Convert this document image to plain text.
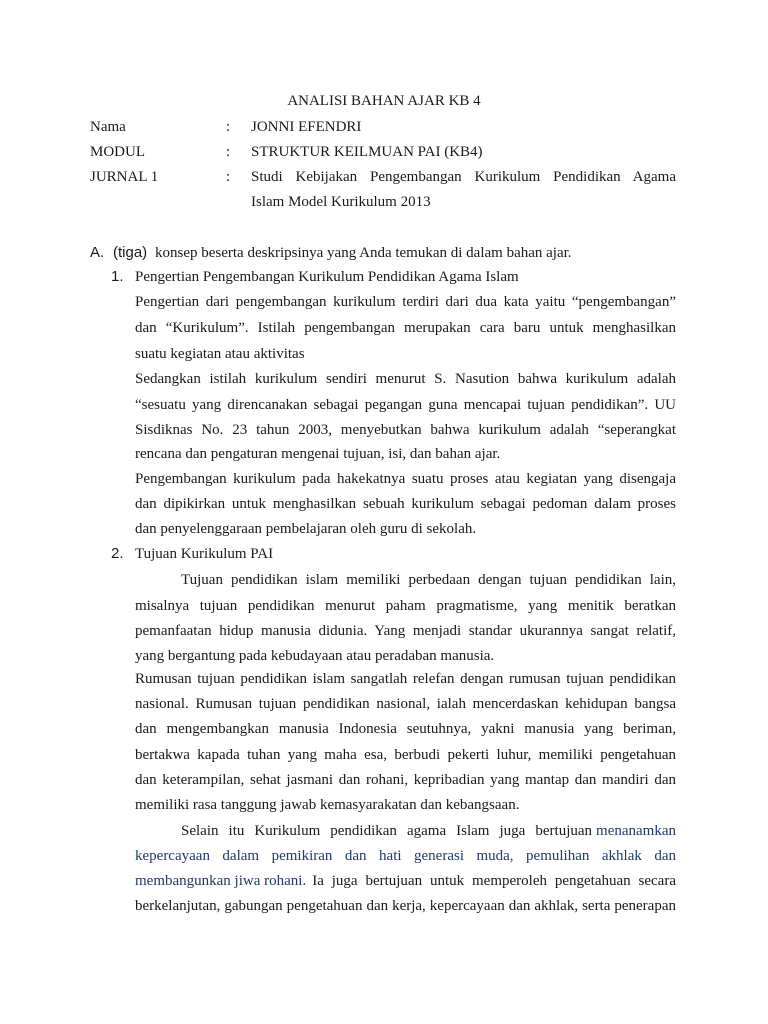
ANALISI BAHAN AJAR KB 4
Nama	: JONNI EFENDRI
MODUL	: STRUKTUR KEILMUAN PAI (KB4)
JURNAL 1	: Studi Kebijakan Pengembangan Kurikulum Pendidikan Agama
Islam Model Kurikulum 2013
A. (tiga) konsep beserta deskripsinya yang Anda temukan di dalam bahan ajar.
1. Pengertian Pengembangan Kurikulum Pendidikan Agama Islam
Pengertian dari pengembangan kurikulum terdiri dari dua kata yaitu “pengembangan”
dan “Kurikulum”. Istilah pengembangan merupakan cara baru untuk menghasilkan
suatu kegiatan atau aktivitas
Sedangkan istilah kurikulum sendiri menurut S. Nasution bahwa kurikulum adalah
“sesuatu yang direncanakan sebagai pegangan guna mencapai tujuan pendidikan”. UU
Sisdiknas No. 23 tahun 2003, menyebutkan bahwa kurikulum adalah “seperangkat
rencana dan pengaturan mengenai tujuan, isi, dan bahan ajar.
Pengembangan kurikulum pada hakekatnya suatu proses atau kegiatan yang disengaja
dan dipikirkan untuk menghasilkan sebuah kurikulum sebagai pedoman dalam proses
dan penyelenggaraan pembelajaran oleh guru di sekolah.
2. Tujuan Kurikulum PAI
Tujuan pendidikan islam memiliki perbedaan dengan tujuan pendidikan lain,
misalnya tujuan pendidikan menurut paham pragmatisme, yang menitik beratkan
pemanfaatan hidup manusia didunia. Yang menjadi standar ukurannya sangat relatif,
yang bergantung pada kebudayaan atau peradaban manusia.
Rumusan tujuan pendidikan islam sangatlah relefan dengan rumusan tujuan pendidikan
nasional. Rumusan tujuan pendidikan nasional, ialah mencerdaskan kehidupan bangsa
dan mengembangkan manusia Indonesia seutuhnya, yakni manusia yang beriman,
bertakwa kapada tuhan yang maha esa, berbudi pekerti luhur, memiliki pengetahuan
dan keterampilan, sehat jasmani dan rohani, kepribadian yang mantap dan mandiri dan
memiliki rasa tanggung jawab kemasyarakatan dan kebangsaan.
Selain itu Kurikulum pendidikan agama Islam juga bertujuan menanamkan
kepercayaan dalam pemikiran dan hati generasi muda, pemulihan akhlak dan
membangunkan jiwa rohani. Ia juga bertujuan untuk memperoleh pengetahuan secara
berkelanjutan, gabungan pengetahuan dan kerja, kepercayaan dan akhlak, serta penerapan
